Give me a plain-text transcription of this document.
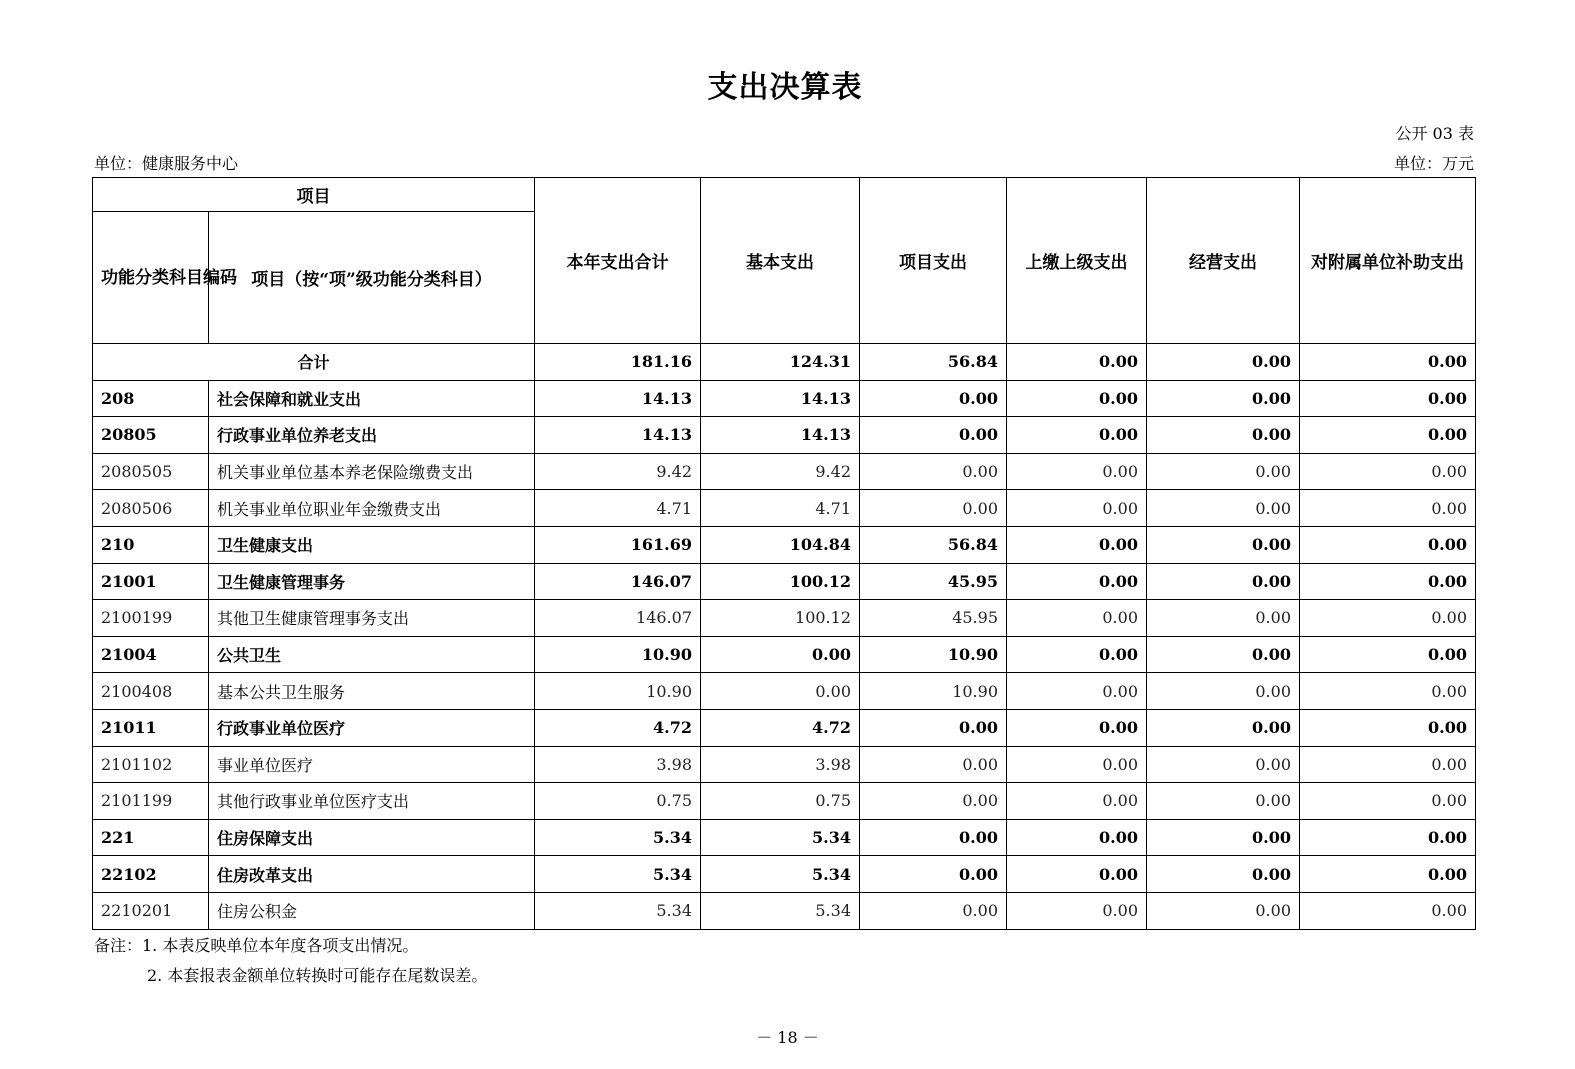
支出决算表
公开 03 表
单位：健康服务中心	单位：万元
项目		本年支出合计	基本支出	项目支出	上缴上级支出	经营支出	对附属单位补助支出
功能分类科目编码	项目（按“项”级功能分类科目）						
合计		181.16	124.31	56.84	0.00	0.00	0.00
208	社会保障和就业支出	14.13	14.13	0.00	0.00	0.00	0.00
20805	行政事业单位养老支出	14.13	14.13	0.00	0.00	0.00	0.00
2080505	机关事业单位基本养老保险缴费支出	9.42	9.42	0.00	0.00	0.00	0.00
2080506	机关事业单位职业年金缴费支出	4.71	4.71	0.00	0.00	0.00	0.00
210	卫生健康支出	161.69	104.84	56.84	0.00	0.00	0.00
21001	卫生健康管理事务	146.07	100.12	45.95	0.00	0.00	0.00
2100199	其他卫生健康管理事务支出	146.07	100.12	45.95	0.00	0.00	0.00
21004	公共卫生	10.90	0.00	10.90	0.00	0.00	0.00
2100408	基本公共卫生服务	10.90	0.00	10.90	0.00	0.00	0.00
21011	行政事业单位医疗	4.72	4.72	0.00	0.00	0.00	0.00
2101102	事业单位医疗	3.98	3.98	0.00	0.00	0.00	0.00
2101199	其他行政事业单位医疗支出	0.75	0.75	0.00	0.00	0.00	0.00
221	住房保障支出	5.34	5.34	0.00	0.00	0.00	0.00
22102	住房改革支出	5.34	5.34	0.00	0.00	0.00	0.00
2210201	住房公积金	5.34	5.34	0.00	0.00	0.00	0.00
备注：1. 本表反映单位本年度各项支出情况。
2. 本套报表金额单位转换时可能存在尾数误差。
－ 18 －
